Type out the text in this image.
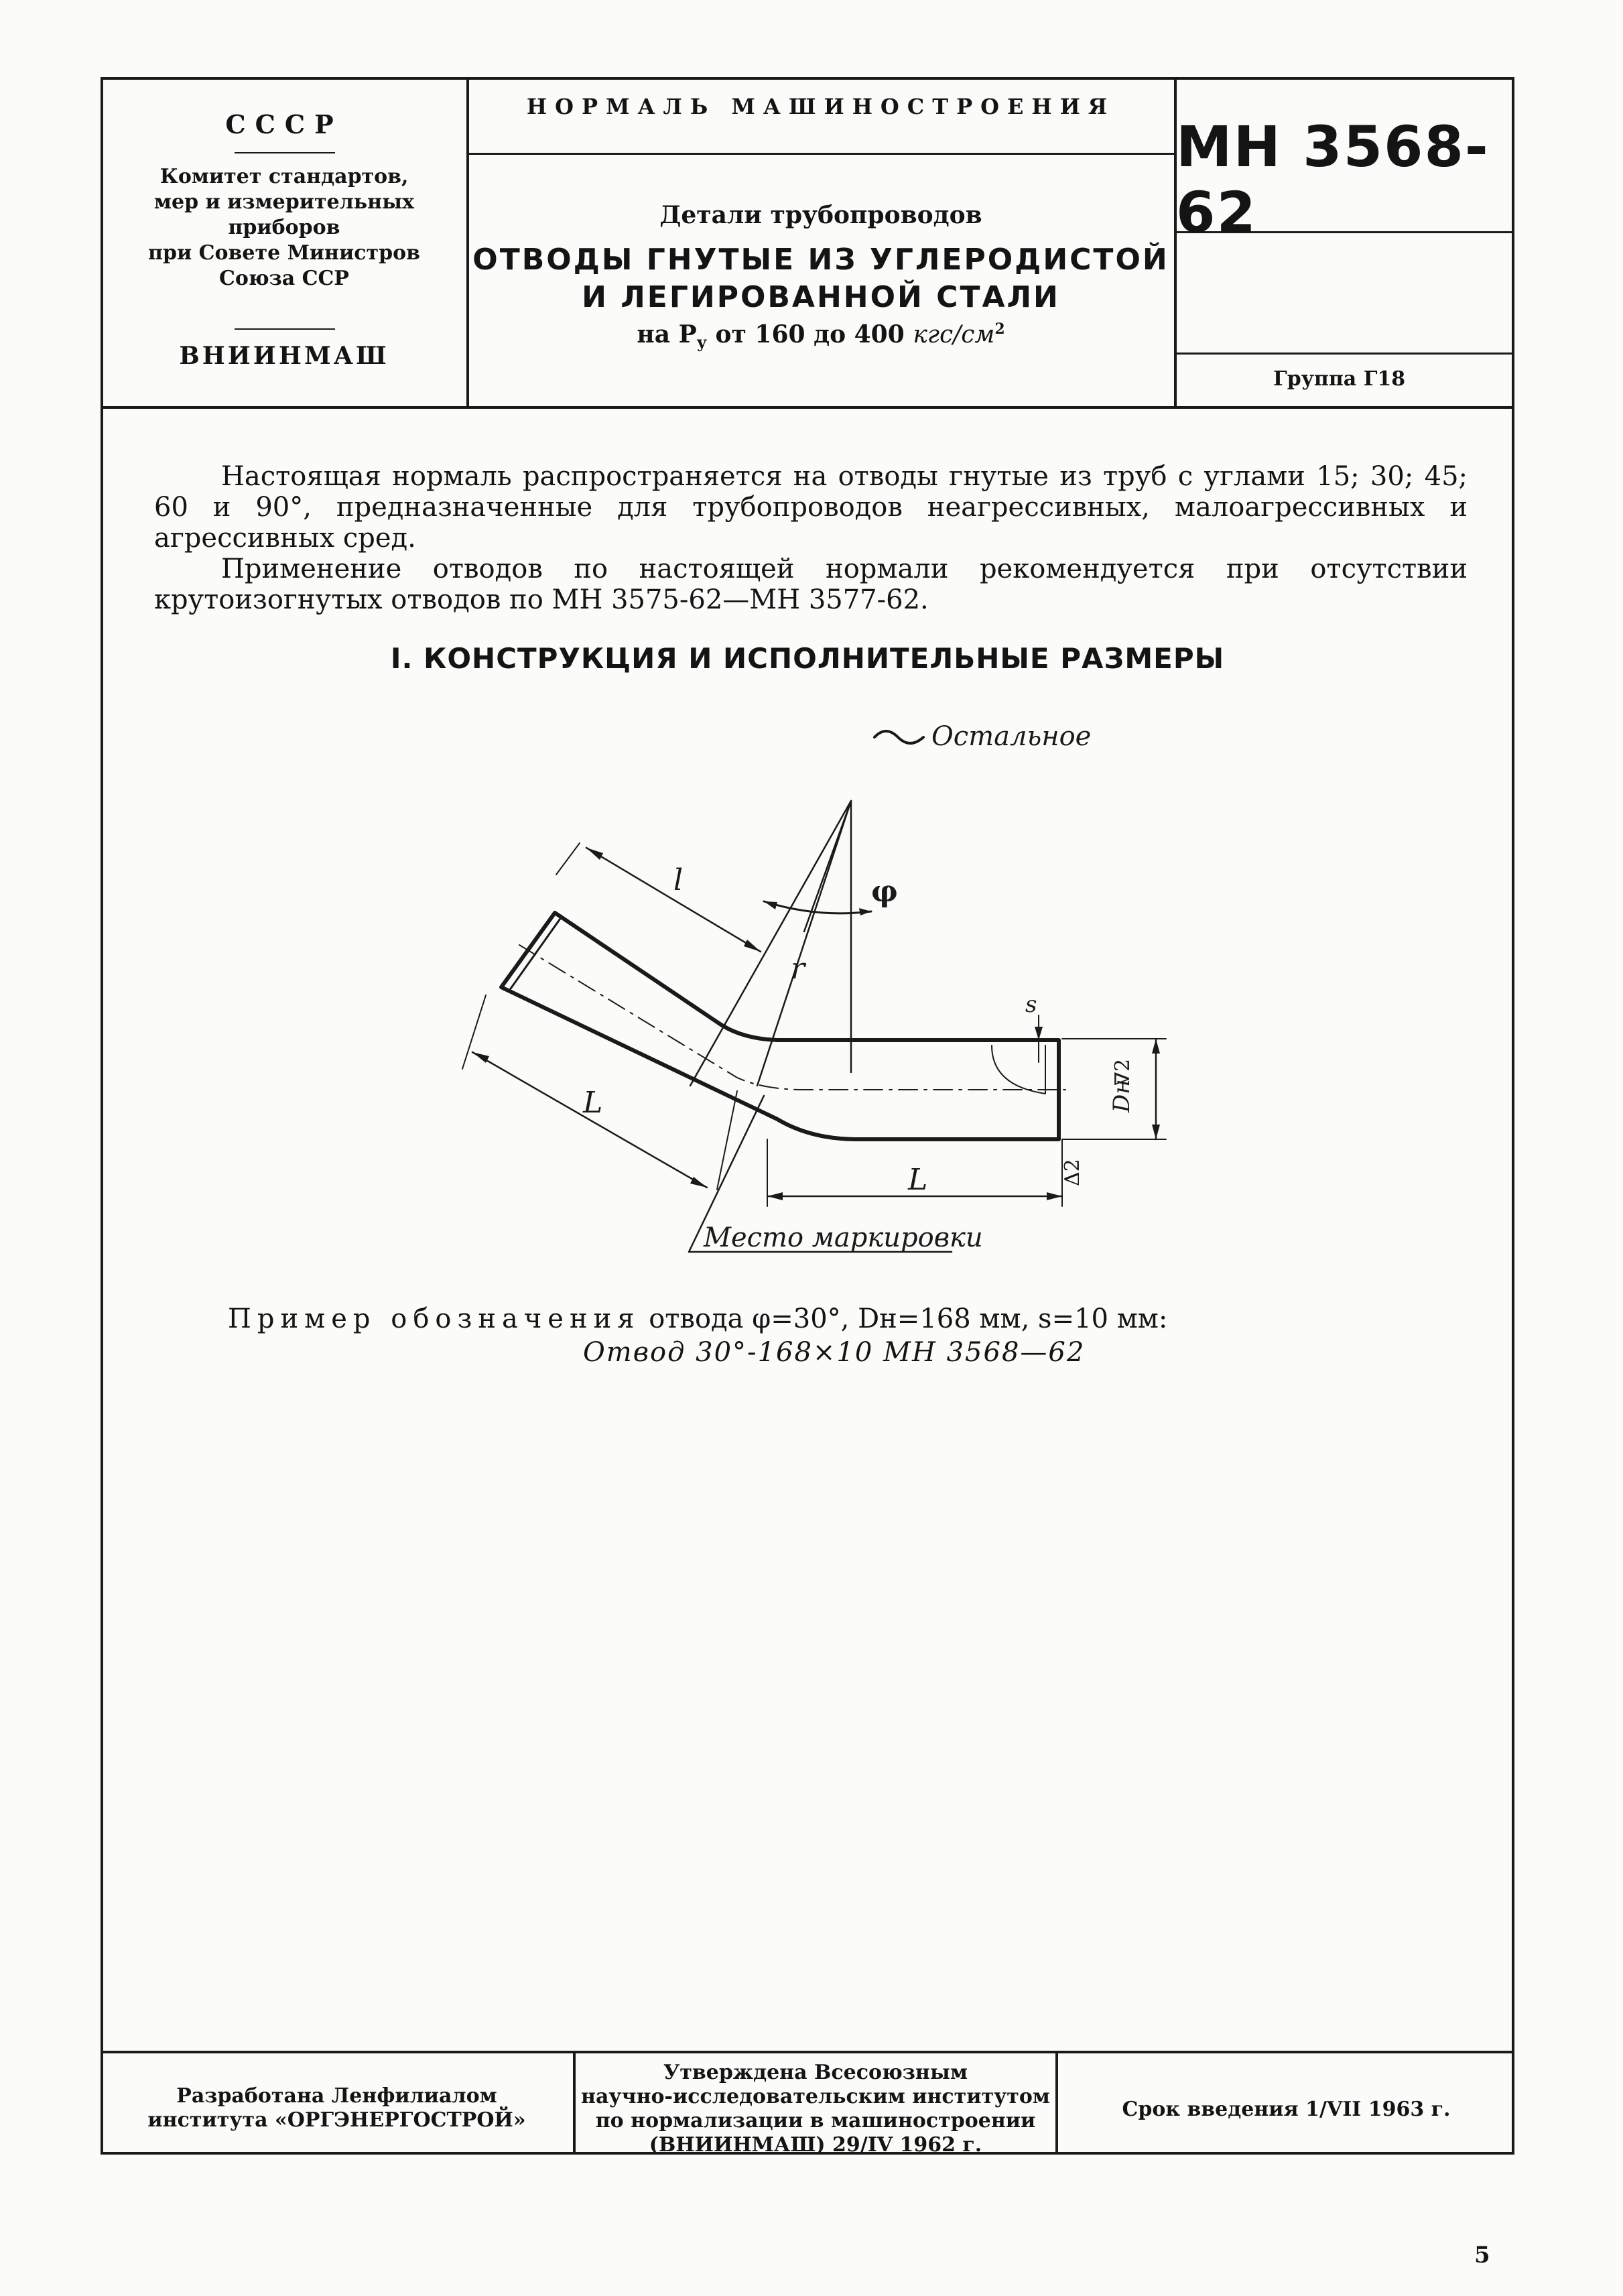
СССР
Комитет стандартов,
мер и измерительных
приборов
при Совете Министров
Союза ССР
ВНИИНМАШ
НОРМАЛЬ МАШИНОСТРОЕНИЯ
Детали трубопроводов
ОТВОДЫ ГНУТЫЕ ИЗ УГЛЕРОДИСТОЙ
И ЛЕГИРОВАННОЙ СТАЛИ
на $P_у$ от 160 до 400 кгс/$см^2$
МН 3568-62
Группа Г18
Настоящая нормаль распространяется на отводы гнутые из труб с углами 15; 30; 45; 60 и 90°, предназначенные для трубопроводов неагрессивных, малоагрессивных и агрессивных сред.
Применение отводов по настоящей нормали рекомендуется при отсутствии крутоизогнутых отводов по МН 3575-62—МН 3577-62.
I. КОНСТРУКЦИЯ И ИСПОЛНИТЕЛЬНЫЕ РАЗМЕРЫ
Остальное
l
r
φ
L
L
s
Dн
∇2
Δ2
Место маркировки
Пример обозначения отвода φ=30°, Dн=168 мм, s=10 мм:
Отвод 30°-168×10 МН 3568—62
Разработана Ленфилиалом
института «ОРГЭНЕРГОСТРОЙ»
Утверждена Всесоюзным
научно-исследовательским институтом
по нормализации в машиностроении
(ВНИИНМАШ) 29/IV 1962 г.
Срок введения 1/VII 1963 г.
5
